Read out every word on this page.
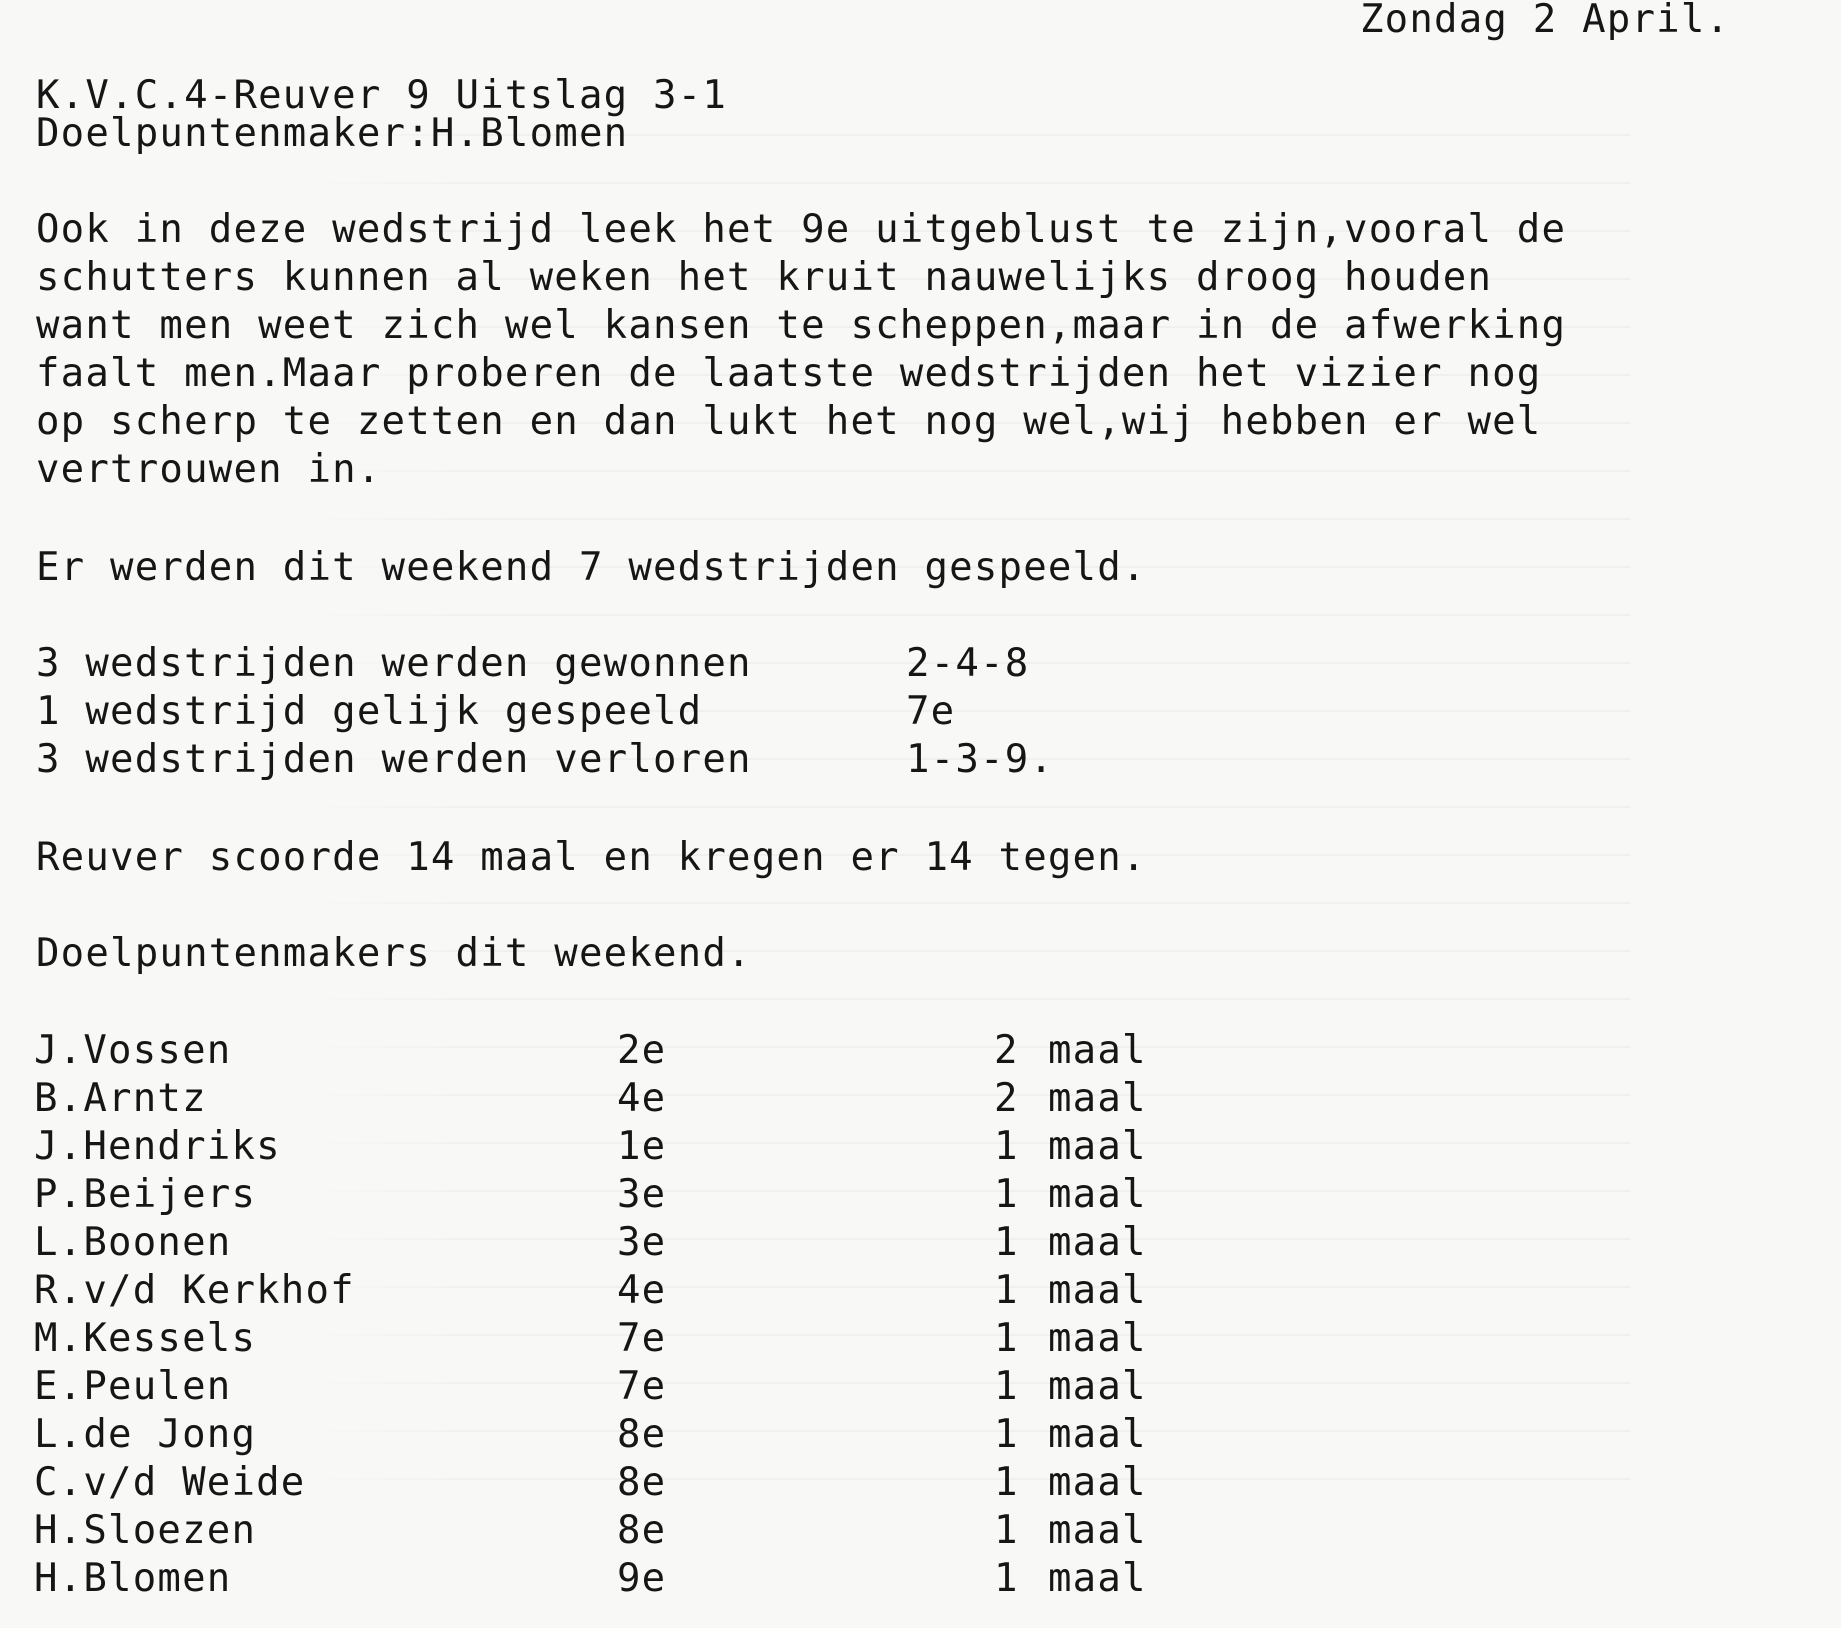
Zondag 2 April.
K.V.C.4-Reuver 9 Uitslag 3-1
Doelpuntenmaker:H.Blomen
Ook in deze wedstrijd leek het 9e uitgeblust te zijn,vooral de
schutters kunnen al weken het kruit nauwelijks droog houden
want men weet zich wel kansen te scheppen,maar in de afwerking
faalt men.Maar proberen de laatste wedstrijden het vizier nog
op scherp te zetten en dan lukt het nog wel,wij hebben er wel
vertrouwen in.
Er werden dit weekend 7 wedstrijden gespeeld.
3 wedstrijden werden gewonnen	2-4-8
1 wedstrijd gelijk gespeeld	7e
3 wedstrijden werden verloren	1-3-9.
Reuver scoorde 14 maal en kregen er 14 tegen.
Doelpuntenmakers dit weekend.
J.Vossen	2e	2 maal
B.Arntz	4e	2 maal
J.Hendriks	1e	1 maal
P.Beijers	3e	1 maal
L.Boonen	3e	1 maal
R.v/d Kerkhof	4e	1 maal
M.Kessels	7e	1 maal
E.Peulen	7e	1 maal
L.de Jong	8e	1 maal
C.v/d Weide	8e	1 maal
H.Sloezen	8e	1 maal
H.Blomen	9e	1 maal
